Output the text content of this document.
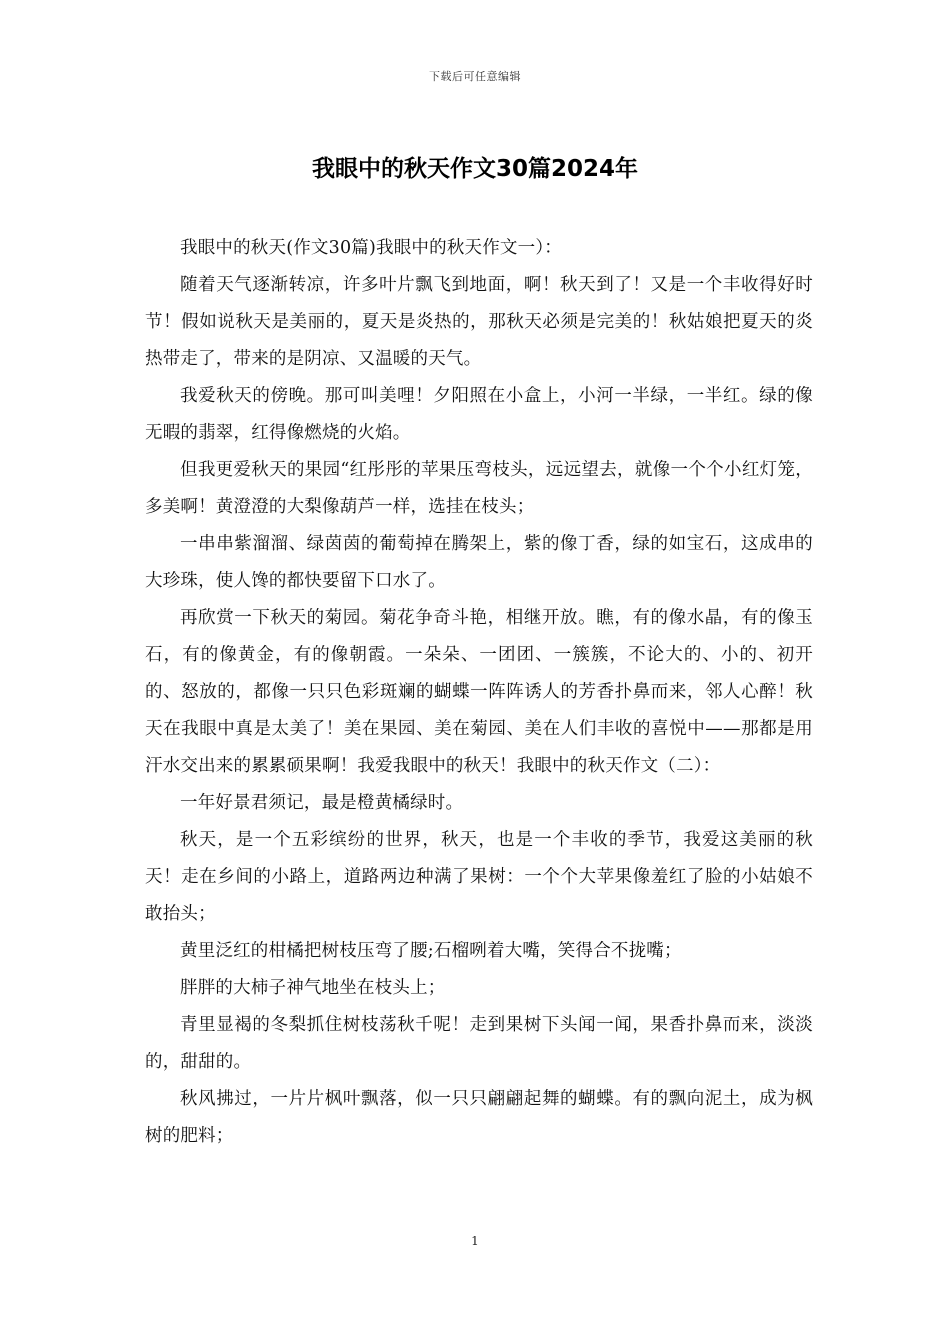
下载后可任意编辑
我眼中的秋天作文30篇2024年

我眼中的秋天(作文30篇)我眼中的秋天作文一）：

随着天气逐渐转凉，许多叶片飘飞到地面，啊！秋天到了！又是一个丰收得好时节！假如说秋天是美丽的，夏天是炎热的，那秋天必须是完美的！秋姑娘把夏天的炎热带走了，带来的是阴凉、又温暖的天气。

我爱秋天的傍晚。那可叫美哩！夕阳照在小盒上，小河一半绿，一半红。绿的像无暇的翡翠，红得像燃烧的火焰。

但我更爱秋天的果园“红彤彤的苹果压弯枝头，远远望去，就像一个个小红灯笼，多美啊！黄澄澄的大梨像葫芦一样，选挂在枝头；

一串串紫溜溜、绿茵茵的葡萄掉在腾架上，紫的像丁香，绿的如宝石，这成串的大珍珠，使人馋的都快要留下口水了。

再欣赏一下秋天的菊园。菊花争奇斗艳，相继开放。瞧，有的像水晶，有的像玉石，有的像黄金，有的像朝霞。一朵朵、一团团、一簇簇，不论大的、小的、初开的、怒放的，都像一只只色彩斑斓的蝴蝶一阵阵诱人的芳香扑鼻而来，邻人心醉！秋天在我眼中真是太美了！美在果园、美在菊园、美在人们丰收的喜悦中——那都是用汗水交出来的累累硕果啊！我爱我眼中的秋天！我眼中的秋天作文（二）：

一年好景君须记，最是橙黄橘绿时。

秋天，是一个五彩缤纷的世界，秋天，也是一个丰收的季节，我爱这美丽的秋天！走在乡间的小路上，道路两边种满了果树：一个个大苹果像羞红了脸的小姑娘不敢抬头；

黄里泛红的柑橘把树枝压弯了腰;石榴咧着大嘴，笑得合不拢嘴；

胖胖的大柿子神气地坐在枝头上；

青里显褐的冬梨抓住树枝荡秋千呢！走到果树下头闻一闻，果香扑鼻而来，淡淡的，甜甜的。

秋风拂过，一片片枫叶飘落，似一只只翩翩起舞的蝴蝶。有的飘向泥土，成为枫树的肥料；

1
